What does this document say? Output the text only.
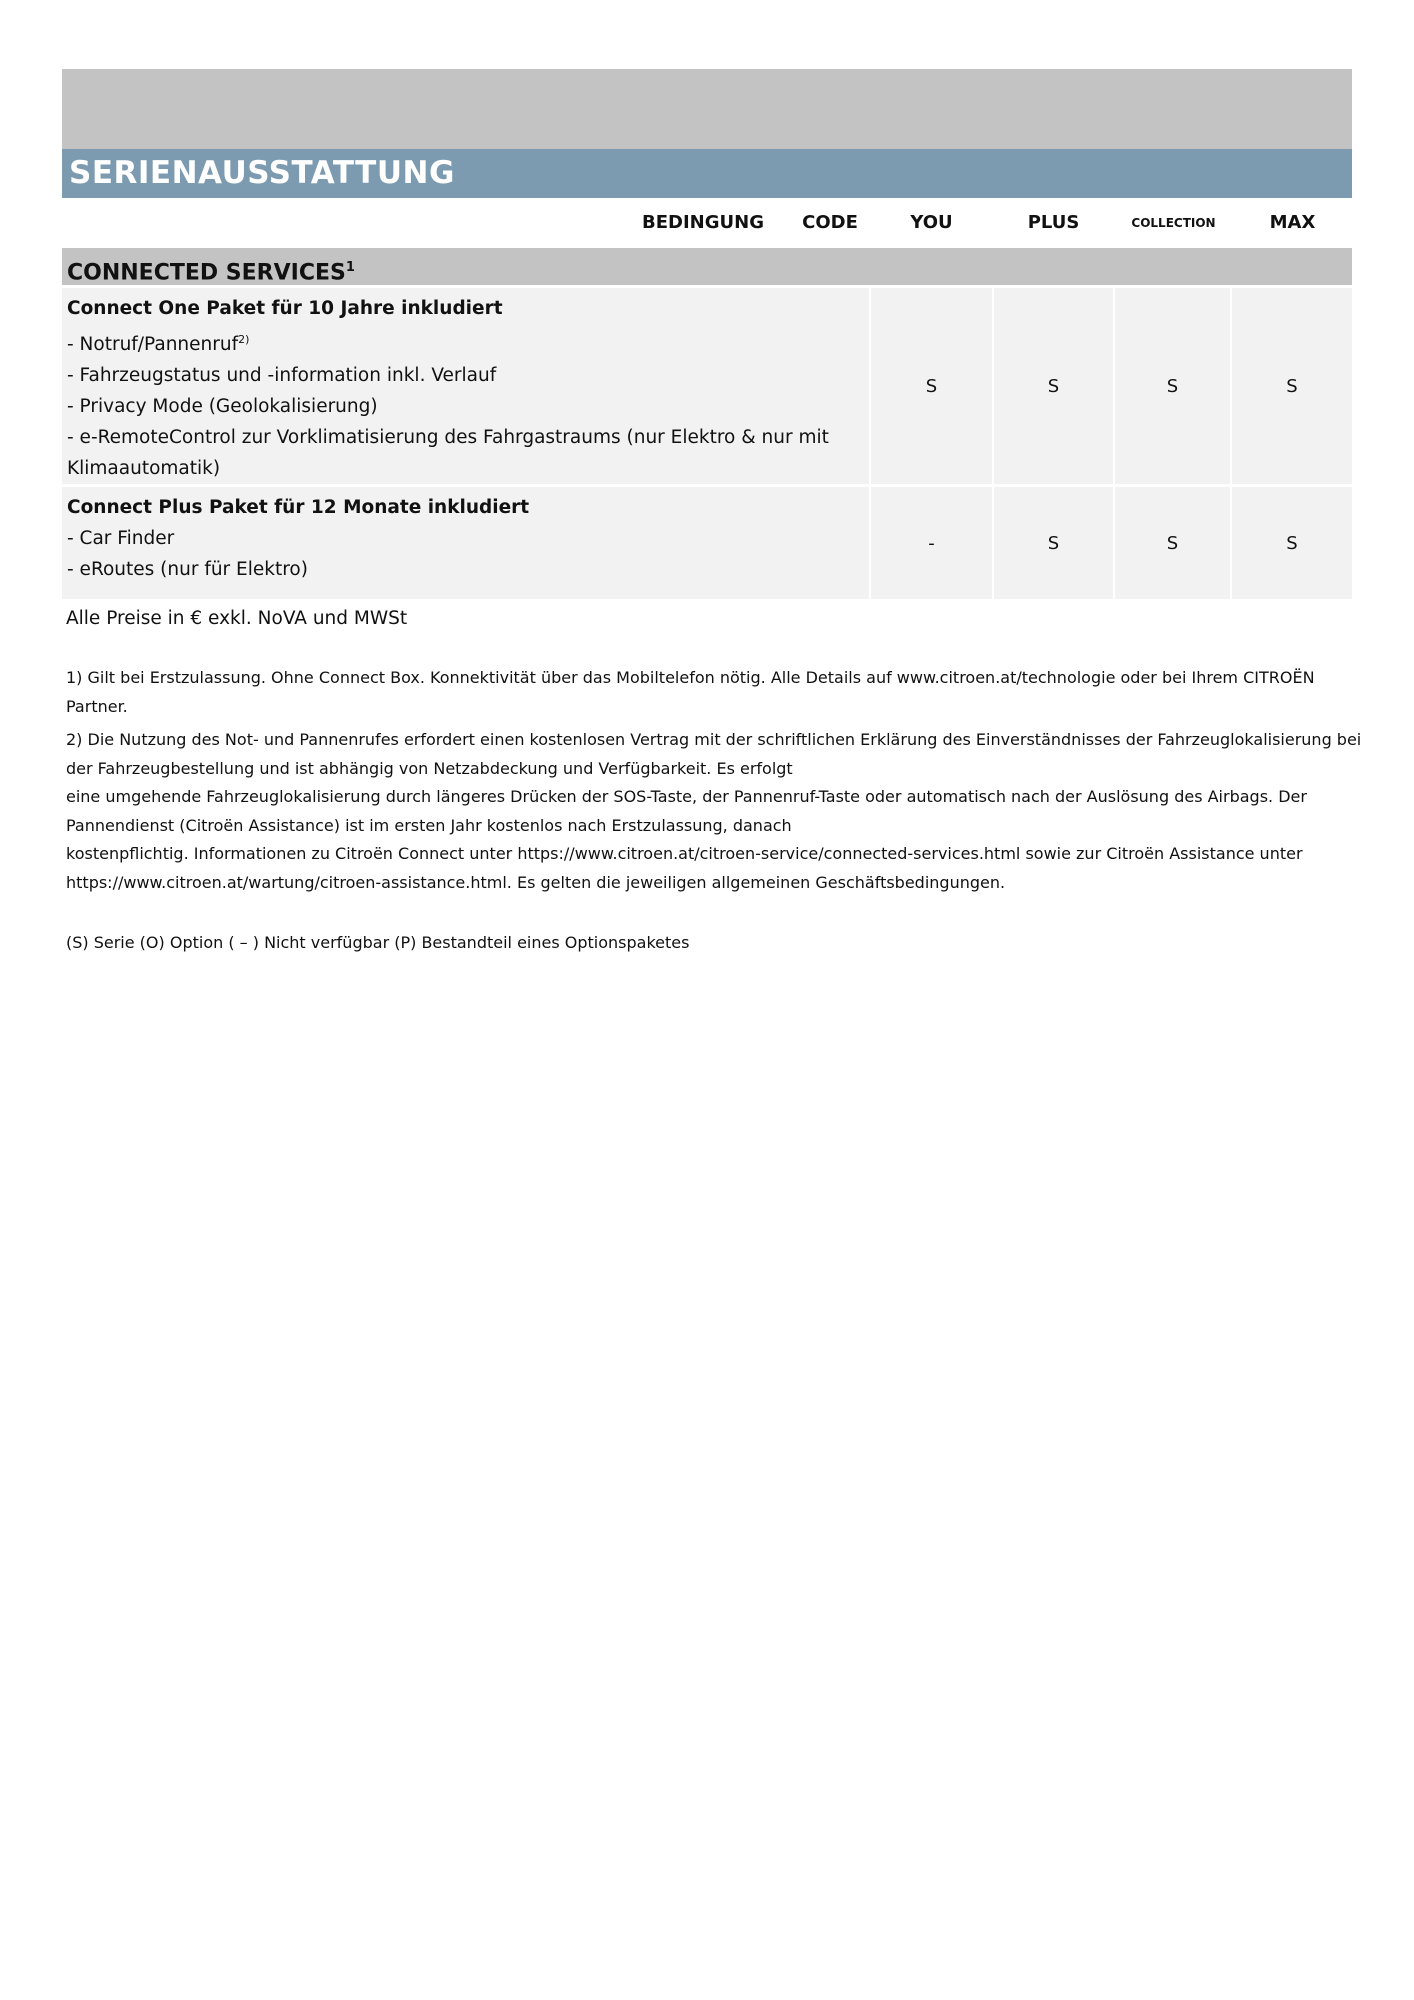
SERIENAUSSTATTUNG
BEDINGUNG	CODE	YOU	PLUS	COLLECTION	MAX
CONNECTED SERVICES$^1$
Connect One Paket für 10 Jahre inkludiert
- Notruf/Pannenruf$^{2)}$
- Fahrzeugstatus und -information inkl. Verlauf
- Privacy Mode (Geolokalisierung)
- e-RemoteControl zur Vorklimatisierung des Fahrgastraums (nur Elektro & nur mit
Klimaautomatik)
S	S	S	S
Connect Plus Paket für 12 Monate inkludiert
- Car Finder
- eRoutes (nur für Elektro)
-	S	S	S
Alle Preise in € exkl. NoVA und MWSt
1) Gilt bei Erstzulassung. Ohne Connect Box. Konnektivität über das Mobiltelefon nötig. Alle Details auf www.citroen.at/technologie oder bei Ihrem CITROËN
Partner.
2) Die Nutzung des Not- und Pannenrufes erfordert einen kostenlosen Vertrag mit der schriftlichen Erklärung des Einverständnisses der Fahrzeuglokalisierung bei
der Fahrzeugbestellung und ist abhängig von Netzabdeckung und Verfügbarkeit. Es erfolgt
eine umgehende Fahrzeuglokalisierung durch längeres Drücken der SOS-Taste, der Pannenruf-Taste oder automatisch nach der Auslösung des Airbags. Der
Pannendienst (Citroën Assistance) ist im ersten Jahr kostenlos nach Erstzulassung, danach
kostenpflichtig. Informationen zu Citroën Connect unter https://www.citroen.at/citroen-service/connected-services.html sowie zur Citroën Assistance unter
https://www.citroen.at/wartung/citroen-assistance.html. Es gelten die jeweiligen allgemeinen Geschäftsbedingungen.
(S) Serie (O) Option ( – ) Nicht verfügbar (P) Bestandteil eines Optionspaketes
